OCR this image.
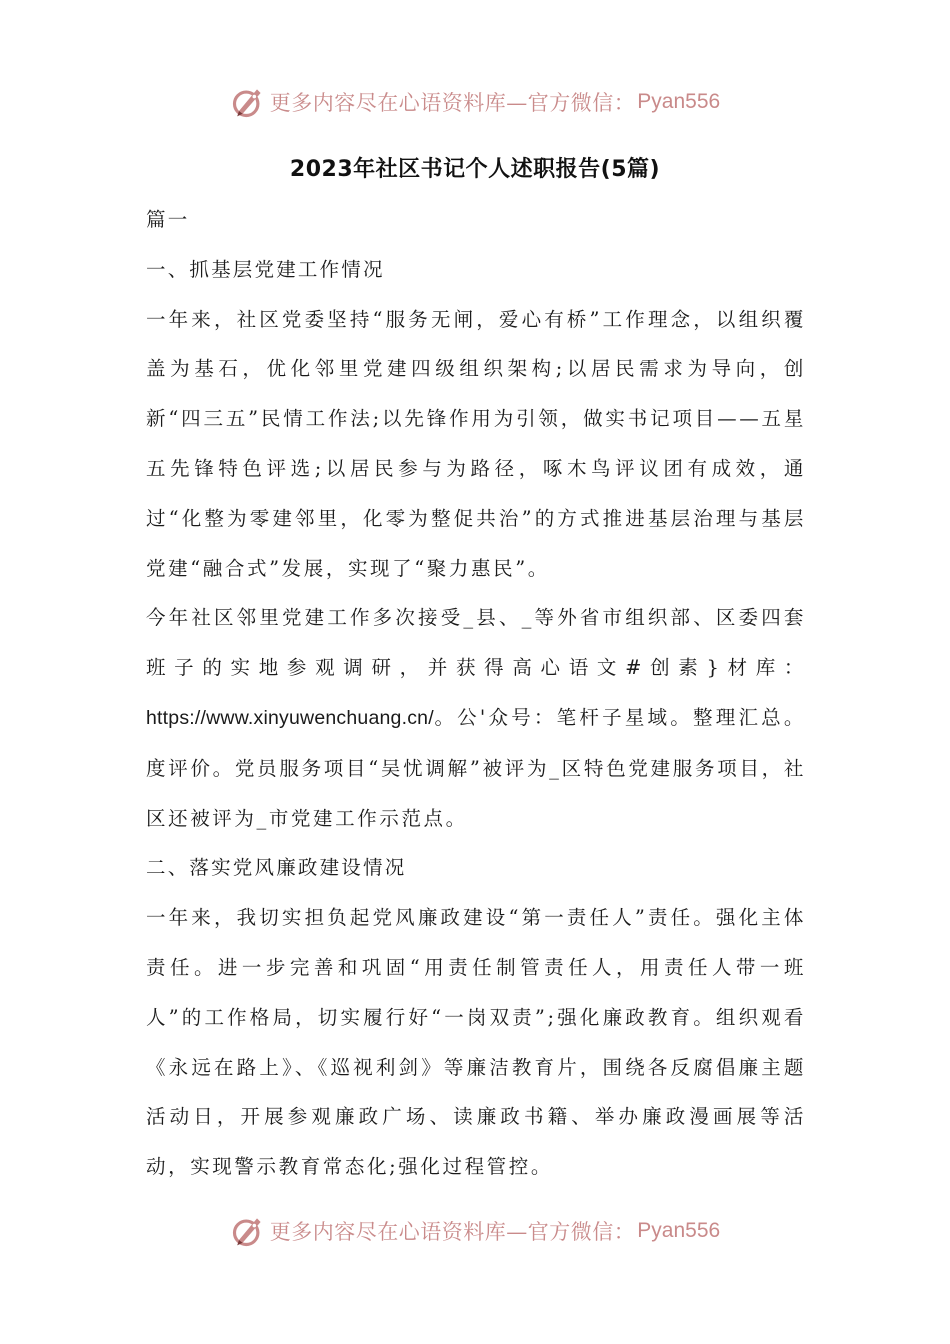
更多内容尽在心语资料库—官方微信： Pyan556
2023年社区书记个人述职报告(5篇)

篇一

一、抓基层党建工作情况

一年来，社区党委坚持“服务无闸，爱心有桥”工作理念，以组织覆盖为基石，优化邻里党建四级组织架构;以居民需求为导向，创新“四三五”民情工作法;以先锋作用为引领，做实书记项目——五星五先锋特色评选;以居民参与为路径，啄木鸟评议团有成效，通过“化整为零建邻里，化零为整促共治”的方式推进基层治理与基层党建“融合式”发展，实现了“聚力惠民”。

今年社区邻里党建工作多次接受_县、_等外省市组织部、区委四套班子的实地参观调研，并获得高心语文#创素}材库：https://www.xinyuwenchuang.cn/。公'众号：笔杆子星域。整理汇总。度评价。党员服务项目“吴忧调解”被评为_区特色党建服务项目，社区还被评为_市党建工作示范点。

二、落实党风廉政建设情况

一年来，我切实担负起党风廉政建设“第一责任人”责任。强化主体责任。进一步完善和巩固“用责任制管责任人，用责任人带一班人”的工作格局，切实履行好“一岗双责”;强化廉政教育。组织观看《永远在路上》、《巡视利剑》等廉洁教育片，围绕各反腐倡廉主题活动日，开展参观廉政广场、读廉政书籍、举办廉政漫画展等活动，实现警示教育常态化;强化过程管控。

更多内容尽在心语资料库—官方微信： Pyan556
